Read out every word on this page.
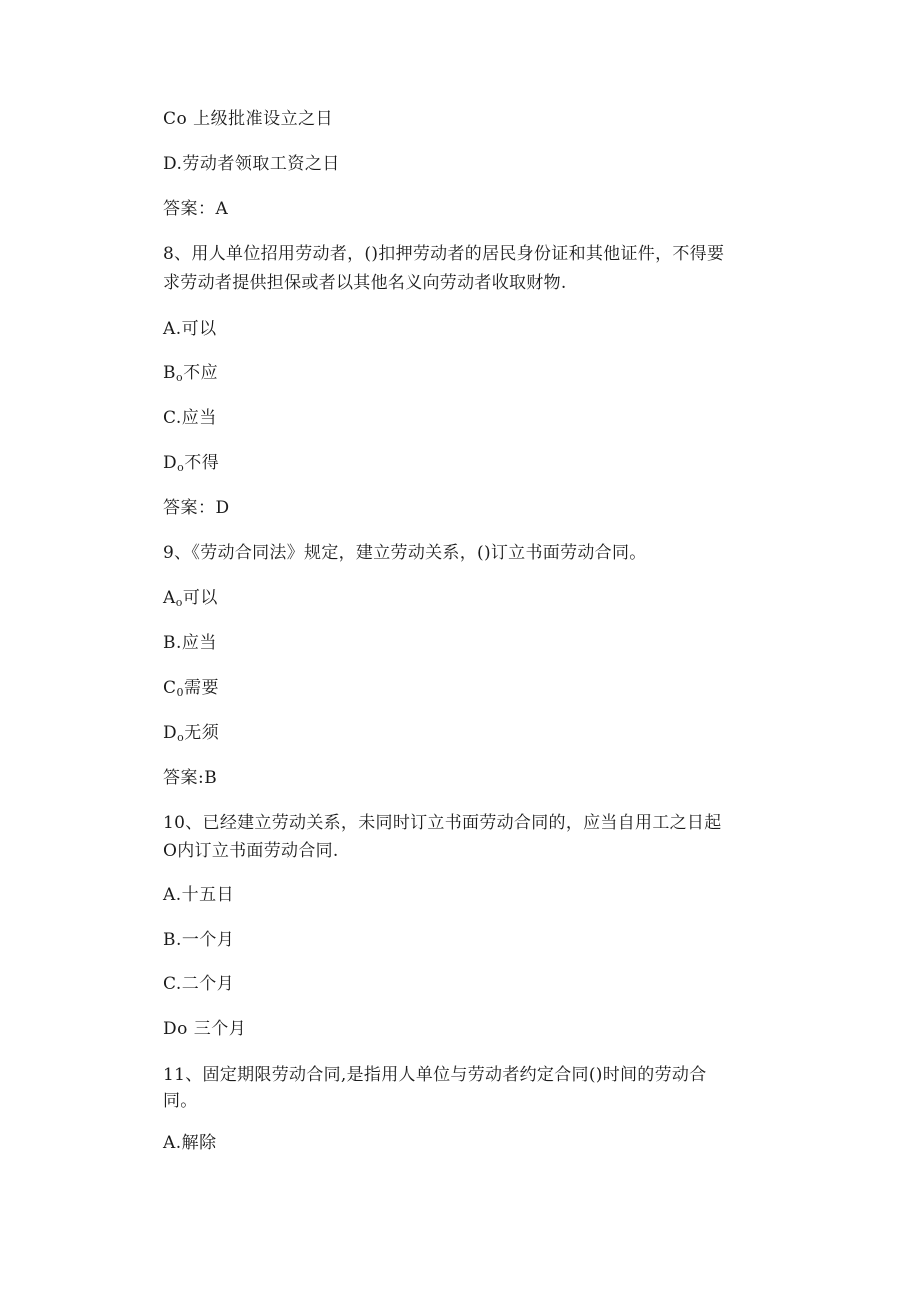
Co 上级批准设立之日
D.劳动者领取工资之日
答案：A
8、用人单位招用劳动者，()扣押劳动者的居民身份证和其他证件，不得要
求劳动者提供担保或者以其他名义向劳动者收取财物.
A.可以
$B_o$不应
C.应当
$D_o$不得
答案：D
9、《劳动合同法》规定，建立劳动关系，()订立书面劳动合同。
$A_o$可以
B.应当
$C_0$需要
$D_o$无须
答案:B
10、已经建立劳动关系，未同时订立书面劳动合同的，应当自用工之日起
O内订立书面劳动合同.
A.十五日
B.一个月
C.二个月
Do 三个月
11、固定期限劳动合同,是指用人单位与劳动者约定合同()时间的劳动合
同。
A.解除
